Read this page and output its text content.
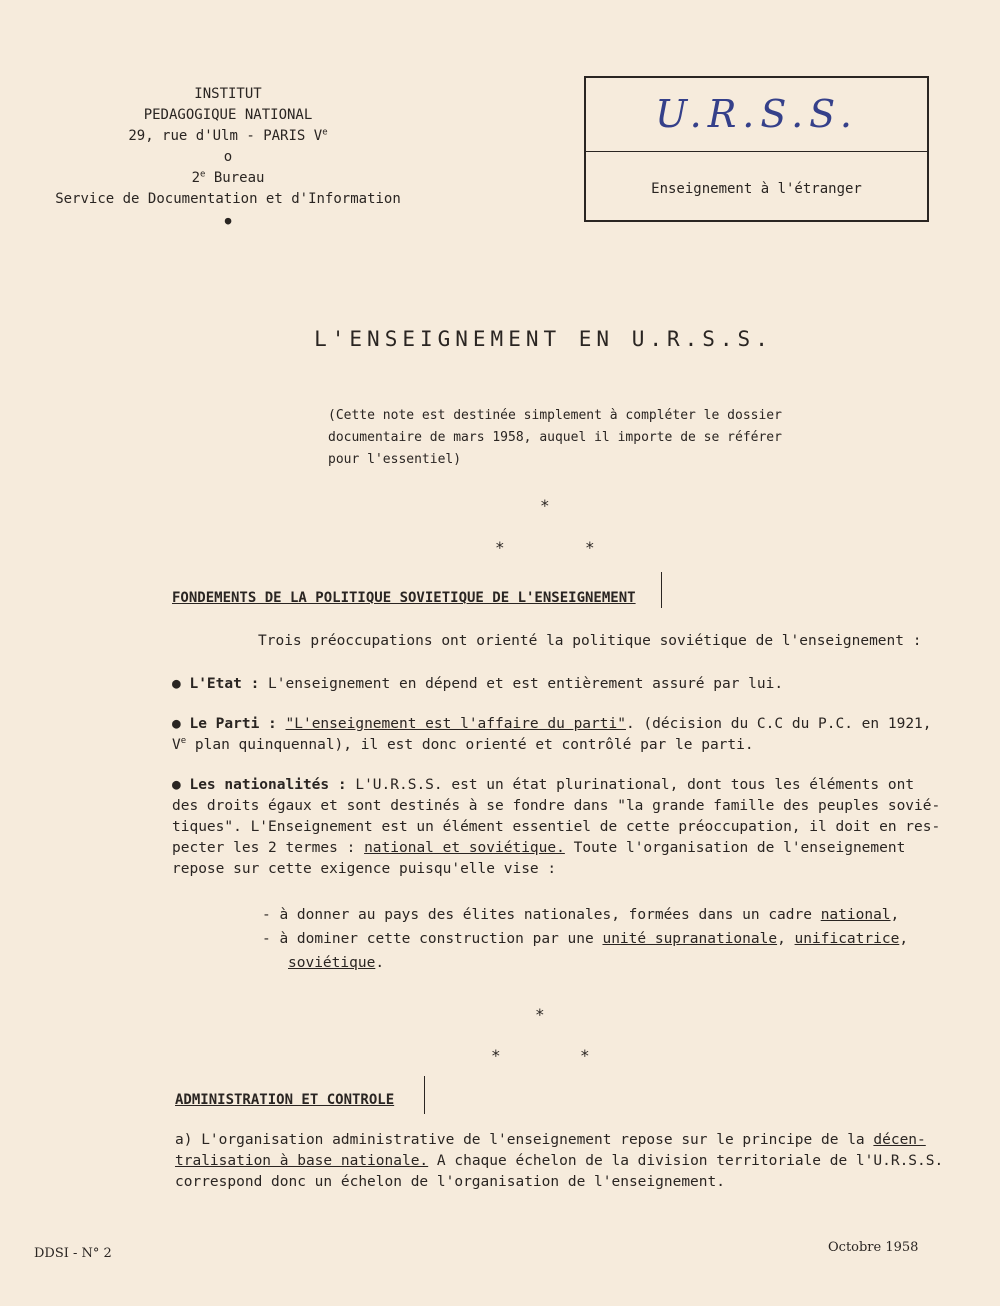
INSTITUT
PEDAGOGIQUE NATIONAL
29, rue d'Ulm - PARIS Ve
o
2e Bureau
Service de Documentation et d'Information
●
U.R.S.S.
Enseignement à l'étranger
L'ENSEIGNEMENT EN U.R.S.S.
(Cette note est destinée simplement à compléter le dossier
documentaire de mars 1958, auquel il importe de se référer
pour l'essentiel)
*
*	*
FONDEMENTS DE LA POLITIQUE SOVIETIQUE DE L'ENSEIGNEMENT
Trois préoccupations ont orienté la politique soviétique de l'enseignement :
● L'Etat : L'enseignement en dépend et est entièrement assuré par lui.
● Le Parti : "L'enseignement est l'affaire du parti". (décision du C.C du P.C. en 1921,
Ve plan quinquennal), il est donc orienté et contrôlé par le parti.
● Les nationalités : L'U.R.S.S. est un état plurinational, dont tous les éléments ont
des droits égaux et sont destinés à se fondre dans "la grande famille des peuples sovié-
tiques". L'Enseignement est un élément essentiel de cette préoccupation, il doit en res-
pecter les 2 termes : national et soviétique. Toute l'organisation de l'enseignement
repose sur cette exigence puisqu'elle vise :
- à donner au pays des élites nationales, formées dans un cadre national,
- à dominer cette construction par une unité supranationale, unificatrice,
soviétique.
*
*	*
ADMINISTRATION ET CONTROLE
a) L'organisation administrative de l'enseignement repose sur le principe de la décen-
tralisation à base nationale. A chaque échelon de la division territoriale de l'U.R.S.S.
correspond donc un échelon de l'organisation de l'enseignement.
DDSI - N° 2	Octobre 1958
